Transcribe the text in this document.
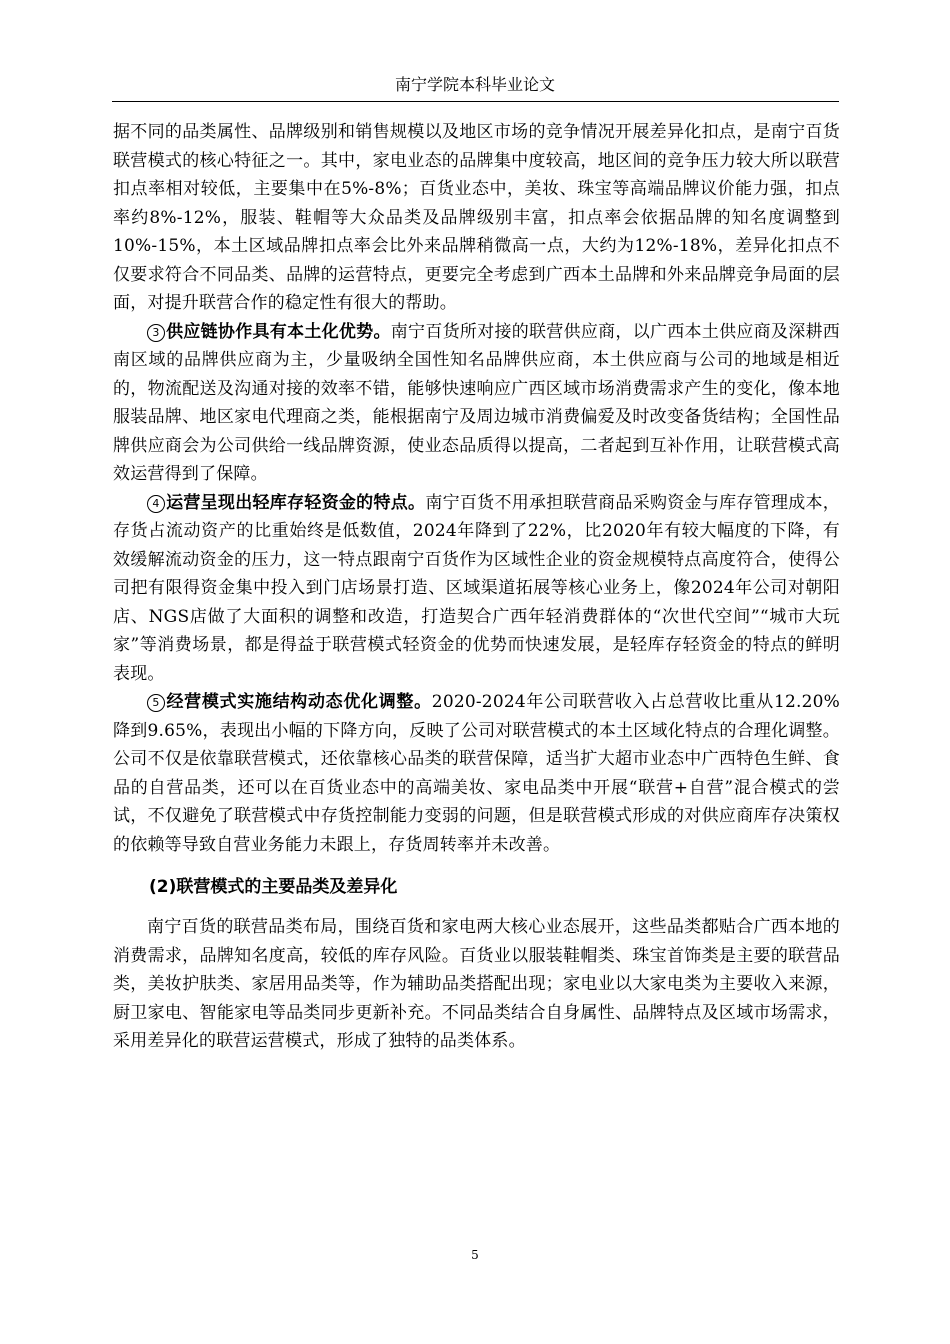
南宁学院本科毕业论文

据不同的品类属性、品牌级别和销售规模以及地区市场的竞争情况开展差异化扣点，是南宁百货联营模式的核心特征之一。其中，家电业态的品牌集中度较高，地区间的竞争压力较大所以联营扣点率相对较低，主要集中在5%-8%；百货业态中，美妆、珠宝等高端品牌议价能力强，扣点率约8%-12%，服装、鞋帽等大众品类及品牌级别丰富，扣点率会依据品牌的知名度调整到10%-15%，本土区域品牌扣点率会比外来品牌稍微高一点，大约为12%-18%，差异化扣点不仅要求符合不同品类、品牌的运营特点，更要完全考虑到广西本土品牌和外来品牌竞争局面的层面，对提升联营合作的稳定性有很大的帮助。

3 供应链协作具有本土化优势。南宁百货所对接的联营供应商，以广西本土供应商及深耕西南区域的品牌供应商为主，少量吸纳全国性知名品牌供应商，本土供应商与公司的地域是相近的，物流配送及沟通对接的效率不错，能够快速响应广西区域市场消费需求产生的变化，像本地服装品牌、地区家电代理商之类，能根据南宁及周边城市消费偏爱及时改变备货结构；全国性品牌供应商会为公司供给一线品牌资源，使业态品质得以提高，二者起到互补作用，让联营模式高效运营得到了保障。

4 运营呈现出轻库存轻资金的特点。南宁百货不用承担联营商品采购资金与库存管理成本，存货占流动资产的比重始终是低数值，2024年降到了22%，比2020年有较大幅度的下降，有效缓解流动资金的压力，这一特点跟南宁百货作为区域性企业的资金规模特点高度符合，使得公司把有限得资金集中投入到门店场景打造、区域渠道拓展等核心业务上，像2024年公司对朝阳店、NGS店做了大面积的调整和改造，打造契合广西年轻消费群体的“次世代空间”“城市大玩家”等消费场景，都是得益于联营模式轻资金的优势而快速发展，是轻库存轻资金的特点的鲜明表现。

5 经营模式实施结构动态优化调整。2020-2024年公司联营收入占总营收比重从12.20%降到9.65%，表现出小幅的下降方向，反映了公司对联营模式的本土区域化特点的合理化调整。公司不仅是依靠联营模式，还依靠核心品类的联营保障，适当扩大超市业态中广西特色生鲜、食品的自营品类，还可以在百货业态中的高端美妆、家电品类中开展“联营+自营”混合模式的尝试，不仅避免了联营模式中存货控制能力变弱的问题，但是联营模式形成的对供应商库存决策权的依赖等导致自营业务能力未跟上，存货周转率并未改善。

(2)联营模式的主要品类及差异化

南宁百货的联营品类布局，围绕百货和家电两大核心业态展开，这些品类都贴合广西本地的消费需求，品牌知名度高，较低的库存风险。百货业以服装鞋帽类、珠宝首饰类是主要的联营品类，美妆护肤类、家居用品类等，作为辅助品类搭配出现；家电业以大家电类为主要收入来源，厨卫家电、智能家电等品类同步更新补充。不同品类结合自身属性、品牌特点及区域市场需求，采用差异化的联营运营模式，形成了独特的品类体系。

5
